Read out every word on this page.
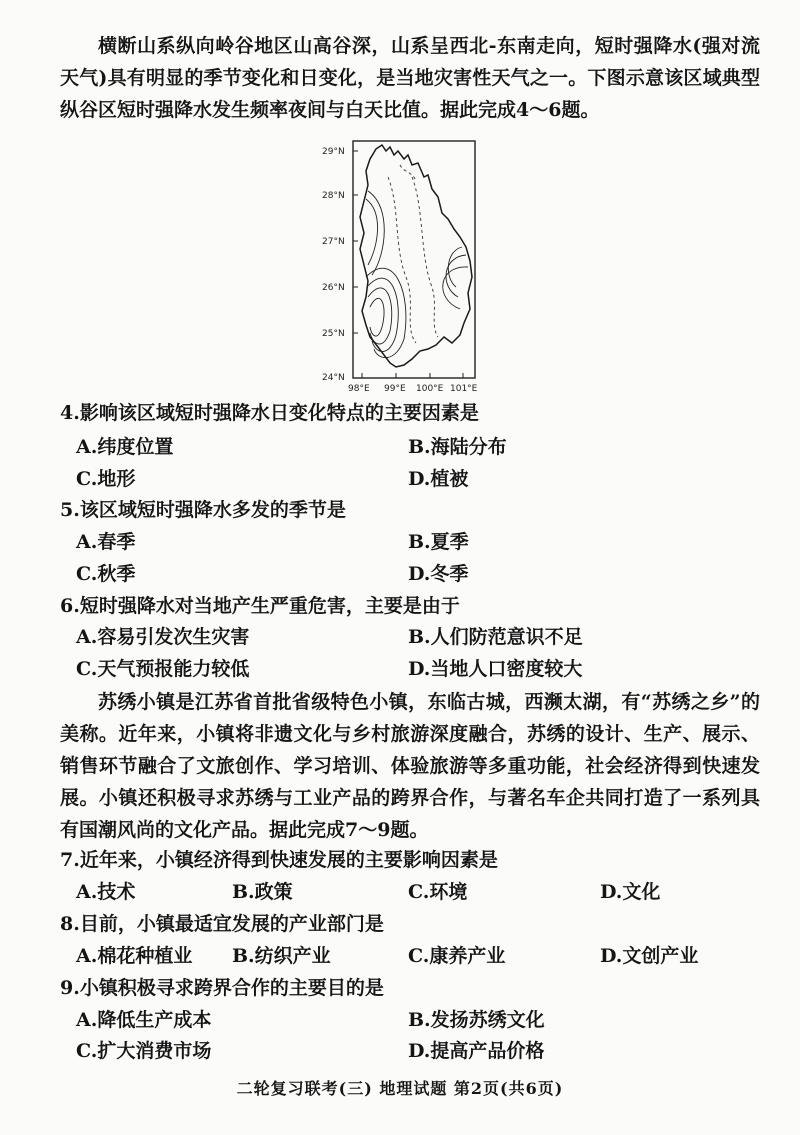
横断山系纵向岭谷地区山高谷深，山系呈西北-东南走向，短时强降水(强对流天气)具有明显的季节变化和日变化，是当地灾害性天气之一。下图示意该区域典型纵谷区短时强降水发生频率夜间与白天比值。据此完成4～6题。

29°N
28°N
27°N
26°N
25°N
24°N
98°E 99°E 100°E 101°E

4.影响该区域短时强降水日变化特点的主要因素是

A.纬度位置	B.海陆分布
C.地形	D.植被

5.该区域短时强降水多发的季节是

A.春季	B.夏季
C.秋季	D.冬季

6.短时强降水对当地产生严重危害，主要是由于

A.容易引发次生灾害	B.人们防范意识不足
C.天气预报能力较低	D.当地人口密度较大

苏绣小镇是江苏省首批省级特色小镇，东临古城，西濒太湖，有“苏绣之乡”的美称。近年来，小镇将非遗文化与乡村旅游深度融合，苏绣的设计、生产、展示、销售环节融合了文旅创作、学习培训、体验旅游等多重功能，社会经济得到快速发展。小镇还积极寻求苏绣与工业产品的跨界合作，与著名车企共同打造了一系列具有国潮风尚的文化产品。据此完成7～9题。

7.近年来，小镇经济得到快速发展的主要影响因素是

A.技术	B.政策	C.环境	D.文化

8.目前，小镇最适宜发展的产业部门是

A.棉花种植业 B.纺织产业	C.康养产业	D.文创产业

9.小镇积极寻求跨界合作的主要目的是

A.降低生产成本	B.发扬苏绣文化
C.扩大消费市场	D.提高产品价格
二轮复习联考(三) 地理试题 第2页(共6页)
